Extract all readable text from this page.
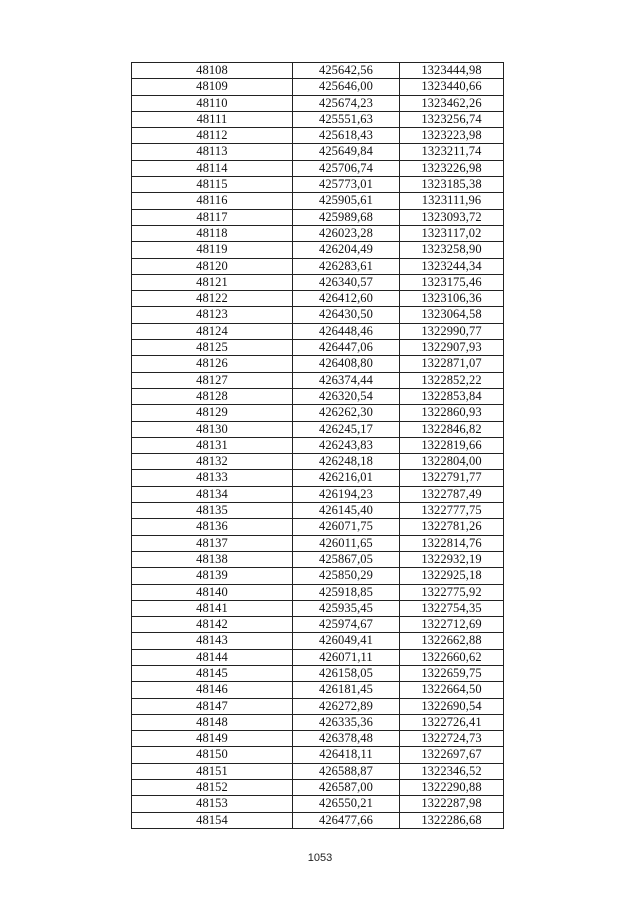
48108	425642,56	1323444,98
48109	425646,00	1323440,66
48110	425674,23	1323462,26
48111	425551,63	1323256,74
48112	425618,43	1323223,98
48113	425649,84	1323211,74
48114	425706,74	1323226,98
48115	425773,01	1323185,38
48116	425905,61	1323111,96
48117	425989,68	1323093,72
48118	426023,28	1323117,02
48119	426204,49	1323258,90
48120	426283,61	1323244,34
48121	426340,57	1323175,46
48122	426412,60	1323106,36
48123	426430,50	1323064,58
48124	426448,46	1322990,77
48125	426447,06	1322907,93
48126	426408,80	1322871,07
48127	426374,44	1322852,22
48128	426320,54	1322853,84
48129	426262,30	1322860,93
48130	426245,17	1322846,82
48131	426243,83	1322819,66
48132	426248,18	1322804,00
48133	426216,01	1322791,77
48134	426194,23	1322787,49
48135	426145,40	1322777,75
48136	426071,75	1322781,26
48137	426011,65	1322814,76
48138	425867,05	1322932,19
48139	425850,29	1322925,18
48140	425918,85	1322775,92
48141	425935,45	1322754,35
48142	425974,67	1322712,69
48143	426049,41	1322662,88
48144	426071,11	1322660,62
48145	426158,05	1322659,75
48146	426181,45	1322664,50
48147	426272,89	1322690,54
48148	426335,36	1322726,41
48149	426378,48	1322724,73
48150	426418,11	1322697,67
48151	426588,87	1322346,52
48152	426587,00	1322290,88
48153	426550,21	1322287,98
48154	426477,66	1322286,68
1053
